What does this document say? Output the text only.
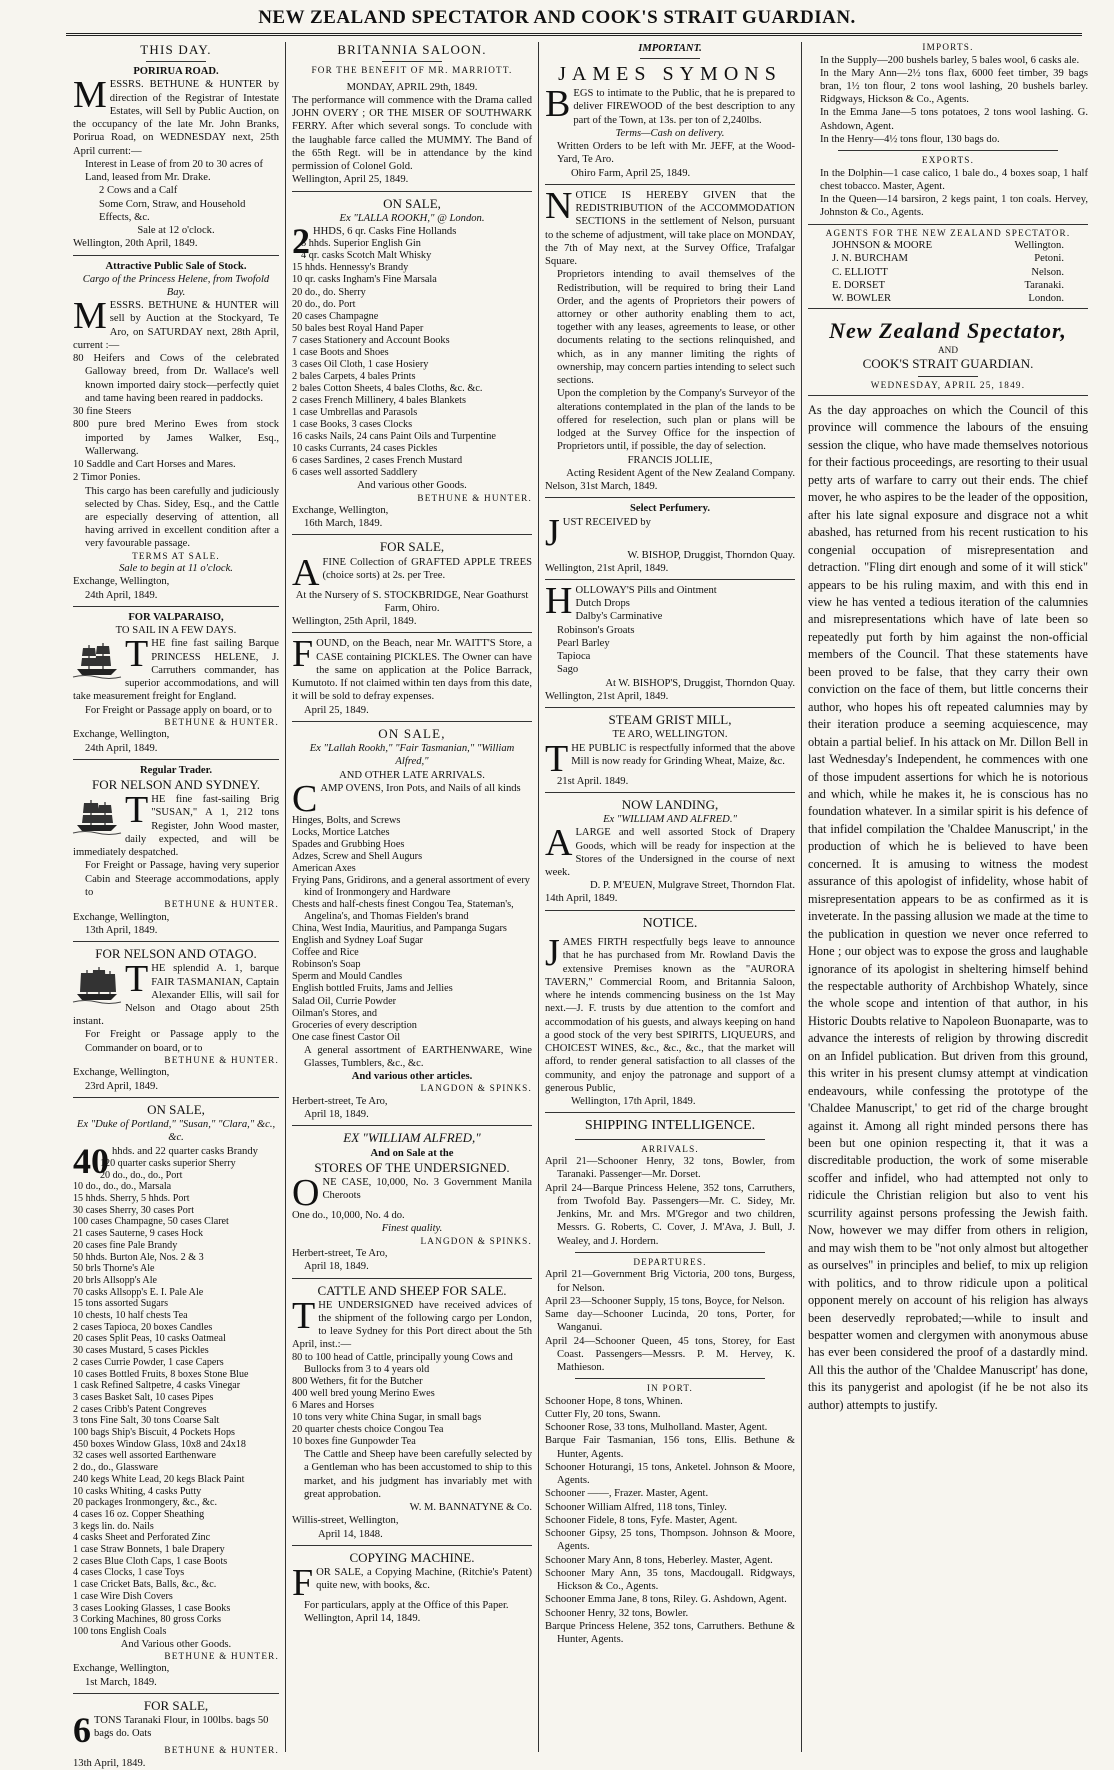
NEW ZEALAND SPECTATOR AND COOK'S STRAIT GUARDIAN.

THIS DAY.

PORIRUA ROAD.

M ESSRS. BETHUNE & HUNTER by direction of the Registrar of Intestate Estates, will Sell by Public Auction, on the occupancy of the late Mr. John Branks, Porirua Road, on WEDNESDAY next, 25th April current:—

Interest in Lease of from 20 to 30 acres of Land, leased from Mr. Drake.

2 Cows and a Calf

Some Corn, Straw, and Household Effects, &c.

Sale at 12 o'clock.

Wellington, 20th April, 1849.

Attractive Public Sale of Stock.

Cargo of the Princess Helene, from Twofold Bay.

M ESSRS. BETHUNE & HUNTER will sell by Auction at the Stockyard, Te Aro, on SATURDAY next, 28th April, current :—

80 Heifers and Cows of the celebrated Galloway breed, from Dr. Wallace's well known imported dairy stock—perfectly quiet and tame having been reared in paddocks.

30 fine Steers

800 pure bred Merino Ewes from stock imported by James Walker, Esq., Wallerwang.

10 Saddle and Cart Horses and Mares.

2 Timor Ponies.

This cargo has been carefully and judiciously selected by Chas. Sidey, Esq., and the Cattle are especially deserving of attention, all having arrived in excellent condition after a very favourable passage.

TERMS AT SALE.

Sale to begin at 11 o'clock.

Exchange, Wellington,

24th April, 1849.

FOR VALPARAISO,

TO SAIL IN A FEW DAYS.

T HE fine fast sailing Barque PRINCESS HELENE, J. Carruthers commander, has superior accommodations, and will take measurement freight for England.

For Freight or Passage apply on board, or to

BETHUNE & HUNTER.

Exchange, Wellington,

24th April, 1849.

Regular Trader.

FOR NELSON AND SYDNEY.

T HE fine fast-sailing Brig "SUSAN," A 1, 212 tons Register, John Wood master, daily expected, and will be immediately despatched.

For Freight or Passage, having very superior Cabin and Steerage accommodations, apply to

BETHUNE & HUNTER.

Exchange, Wellington,

13th April, 1849.

FOR NELSON AND OTAGO.

T HE splendid A. 1, barque FAIR TASMANIAN, Captain Alexander Ellis, will sail for Nelson and Otago about 25th instant.

For Freight or Passage apply to the Commander on board, or to

BETHUNE & HUNTER.

Exchange, Wellington,

23rd April, 1849.

ON SALE,

Ex "Duke of Portland," "Susan," "Clara," &c., &c.

40 hhds. and 22 quarter casks Brandy

120 quarter casks superior Sherry

20 do., do., do., Port

10 do., do., do., Marsala

15 hhds. Sherry, 5 hhds. Port

30 cases Sherry, 30 cases Port

100 cases Champagne, 50 cases Claret

21 cases Sauterne, 9 cases Hock

20 cases fine Pale Brandy

50 hhds. Burton Ale, Nos. 2 & 3

50 brls Thorne's Ale

20 brls Allsopp's Ale

70 casks Allsopp's E. I. Pale Ale

15 tons assorted Sugars

10 chests, 10 half chests Tea

2 cases Tapioca, 20 boxes Candles

20 cases Split Peas, 10 casks Oatmeal

30 cases Mustard, 5 cases Pickles

2 cases Currie Powder, 1 case Capers

10 cases Bottled Fruits, 8 boxes Stone Blue

1 cask Refined Saltpetre, 4 casks Vinegar

3 cases Basket Salt, 10 cases Pipes

2 cases Cribb's Patent Congreves

3 tons Fine Salt, 30 tons Coarse Salt

100 bags Ship's Biscuit, 4 Pockets Hops

450 boxes Window Glass, 10x8 and 24x18

32 cases well assorted Earthenware

2 do., do., Glassware

240 kegs White Lead, 20 kegs Black Paint

10 casks Whiting, 4 casks Putty

20 packages Ironmongery, &c., &c.

4 cases 16 oz. Copper Sheathing

3 kegs lin. do. Nails

4 casks Sheet and Perforated Zinc

1 case Straw Bonnets, 1 bale Drapery

2 cases Blue Cloth Caps, 1 case Boots

4 cases Clocks, 1 case Toys

1 case Cricket Bats, Balls, &c., &c.

1 case Wire Dish Covers

3 cases Looking Glasses, 1 case Books

3 Corking Machines, 80 gross Corks

100 tons English Coals

And Various other Goods.

BETHUNE & HUNTER.

Exchange, Wellington,

1st March, 1849.

FOR SALE,

6 TONS Taranaki Flour, in 100lbs. bags 50 bags do. Oats

BETHUNE & HUNTER.

13th April, 1849.

BRITANNIA SALOON.

FOR THE BENEFIT OF MR. MARRIOTT.

MONDAY, APRIL 29th, 1849.

The performance will commence with the Drama called JOHN OVERY ; OR THE MISER OF SOUTHWARK FERRY. After which several songs. To conclude with the laughable farce called the MUMMY. The Band of the 65th Regt. will be in attendance by the kind permission of Colonel Gold.

Wellington, April 25, 1849.

ON SALE,

Ex "LALLA ROOKH," @ London.

2 HHDS, 6 qr. Casks Fine Hollands

8 hhds. Superior English Gin

4 qr. casks Scotch Malt Whisky

15 hhds. Hennessy's Brandy

10 qr. casks Ingham's Fine Marsala

20 do., do. Sherry

20 do., do. Port

20 cases Champagne

50 bales best Royal Hand Paper

7 cases Stationery and Account Books

1 case Boots and Shoes

3 cases Oil Cloth, 1 case Hosiery

2 bales Carpets, 4 bales Prints

2 bales Cotton Sheets, 4 bales Cloths, &c. &c.

2 cases French Millinery, 4 bales Blankets

1 case Umbrellas and Parasols

1 case Books, 3 cases Clocks

16 casks Nails, 24 cans Paint Oils and Turpentine

10 casks Currants, 24 cases Pickles

6 cases Sardines, 2 cases French Mustard

6 cases well assorted Saddlery

And various other Goods.

BETHUNE & HUNTER.

Exchange, Wellington,

16th March, 1849.

FOR SALE,

A FINE Collection of GRAFTED APPLE TREES (choice sorts) at 2s. per Tree.

At the Nursery of S. STOCKBRIDGE, Near Goathurst Farm, Ohiro.

Wellington, 25th April, 1849.

F OUND, on the Beach, near Mr. WAITT'S Store, a CASE containing PICKLES. The Owner can have the same on application at the Police Barrack, Kumutoto. If not claimed within ten days from this date, it will be sold to defray expenses.

April 25, 1849.

ON SALE,

Ex "Lallah Rookh," "Fair Tasmanian," "William Alfred,"

AND OTHER LATE ARRIVALS.

C AMP OVENS, Iron Pots, and Nails of all kinds

Hinges, Bolts, and Screws

Locks, Mortice Latches

Spades and Grubbing Hoes

Adzes, Screw and Shell Augurs

American Axes

Frying Pans, Gridirons, and a general assortment of every kind of Ironmongery and Hardware

Chests and half-chests finest Congou Tea, Stateman's, Angelina's, and Thomas Fielden's brand

China, West India, Mauritius, and Pampanga Sugars

English and Sydney Loaf Sugar

Coffee and Rice

Robinson's Soap

Sperm and Mould Candles

English bottled Fruits, Jams and Jellies

Salad Oil, Currie Powder

Oilman's Stores, and

Groceries of every description

One case finest Castor Oil

A general assortment of EARTHENWARE, Wine Glasses, Tumblers, &c., &c.

And various other articles.

LANGDON & SPINKS.

Herbert-street, Te Aro,

April 18, 1849.

EX "WILLIAM ALFRED,"

And on Sale at the

STORES OF THE UNDERSIGNED.

O NE CASE, 10,000, No. 3 Government Manila Cheroots

One do., 10,000, No. 4 do.

Finest quality.

LANGDON & SPINKS.

Herbert-street, Te Aro,

April 18, 1849.

CATTLE AND SHEEP FOR SALE.

T HE UNDERSIGNED have received advices of the shipment of the following cargo per London, to leave Sydney for this Port direct about the 5th April, inst.:—

80 to 100 head of Cattle, principally young Cows and Bullocks from 3 to 4 years old

800 Wethers, fit for the Butcher

400 well bred young Merino Ewes

6 Mares and Horses

10 tons very white China Sugar, in small bags

20 quarter chests choice Congou Tea

10 boxes fine Gunpowder Tea

The Cattle and Sheep have been carefully selected by a Gentleman who has been accustomed to ship to this market, and his judgment has invariably met with great approbation.

W. M. BANNATYNE & Co.

Willis-street, Wellington,

April 14, 1848.

COPYING MACHINE.

F OR SALE, a Copying Machine, (Ritchie's Patent) quite new, with books, &c.

For particulars, apply at the Office of this Paper.

Wellington, April 14, 1849.

IMPORTANT.

JAMES SYMONS

B EGS to intimate to the Public, that he is prepared to deliver FIREWOOD of the best description to any part of the Town, at 13s. per ton of 2,240lbs.

Terms—Cash on delivery.

Written Orders to be left with Mr. JEFF, at the Wood-Yard, Te Aro.

Ohiro Farm, April 25, 1849.

N OTICE IS HEREBY GIVEN that the REDISTRIBUTION of the ACCOMMODATION SECTIONS in the settlement of Nelson, pursuant to the scheme of adjustment, will take place on MONDAY, the 7th of May next, at the Survey Office, Trafalgar Square.

Proprietors intending to avail themselves of the Redistribution, will be required to bring their Land Order, and the agents of Proprietors their powers of attorney or other authority enabling them to act, together with any leases, agreements to lease, or other documents relating to the sections relinquished, and which, as in any manner limiting the rights of ownership, may concern parties intending to select such sections.

Upon the completion by the Company's Surveyor of the alterations contemplated in the plan of the lands to be offered for reselection, such plan or plans will be lodged at the Survey Office for the inspection of Proprietors until, if possible, the day of selection.

FRANCIS JOLLIE,

Acting Resident Agent of the New Zealand Company.

Nelson, 31st March, 1849.

Select Perfumery.

J UST RECEIVED by

W. BISHOP, Druggist, Thorndon Quay.

Wellington, 21st April, 1849.

H OLLOWAY'S Pills and Ointment

Dutch Drops

Dalby's Carminative

Robinson's Groats

Pearl Barley

Tapioca

Sago

At W. BISHOP'S, Druggist, Thorndon Quay.

Wellington, 21st April, 1849.

STEAM GRIST MILL,

TE ARO, WELLINGTON.

T HE PUBLIC is respectfully informed that the above Mill is now ready for Grinding Wheat, Maize, &c.

21st April. 1849.

NOW LANDING,

Ex "WILLIAM AND ALFRED."

A LARGE and well assorted Stock of Drapery Goods, which will be ready for inspection at the Stores of the Undersigned in the course of next week.

D. P. M'EUEN, Mulgrave Street, Thorndon Flat.

14th April, 1849.

NOTICE.

J AMES FIRTH respectfully begs leave to announce that he has purchased from Mr. Rowland Davis the extensive Premises known as the "AURORA TAVERN," Commercial Room, and Britannia Saloon, where he intends commencing business on the 1st May next.—J. F. trusts by due attention to the comfort and accommodation of his guests, and always keeping on hand a good stock of the very best SPIRITS, LIQUEURS, and CHOICEST WINES, &c., &c., &c., that the market will afford, to render general satisfaction to all classes of the community, and enjoy the patronage and support of a generous Public,

Wellington, 17th April, 1849.

SHIPPING INTELLIGENCE.

ARRIVALS.

April 21—Schooner Henry, 32 tons, Bowler, from Taranaki. Passenger—Mr. Dorset.

April 24—Barque Princess Helene, 352 tons, Carruthers, from Twofold Bay. Passengers—Mr. C. Sidey, Mr. Jenkins, Mr. and Mrs. M'Gregor and two children, Messrs. G. Roberts, C. Cover, J. M'Ava, J. Bull, J. Wealey, and J. Hordern.

DEPARTURES.

April 21—Government Brig Victoria, 200 tons, Burgess, for Nelson.

April 23—Schooner Supply, 15 tons, Boyce, for Nelson.

Same day—Schooner Lucinda, 20 tons, Porter, for Wanganui.

April 24—Schooner Queen, 45 tons, Storey, for East Coast. Passengers—Messrs. P. M. Hervey, K. Mathieson.

IN PORT.

Schooner Hope, 8 tons, Whinen.

Cutter Fly, 20 tons, Swann.

Schooner Rose, 33 tons, Mulholland. Master, Agent.

Barque Fair Tasmanian, 156 tons, Ellis. Bethune & Hunter, Agents.

Schooner Hoturangi, 15 tons, Anketel. Johnson & Moore, Agents.

Schooner ——, Frazer. Master, Agent.

Schooner William Alfred, 118 tons, Tinley.

Schooner Fidele, 8 tons, Fyfe. Master, Agent.

Schooner Gipsy, 25 tons, Thompson. Johnson & Moore, Agents.

Schooner Mary Ann, 8 tons, Heberley. Master, Agent.

Schooner Mary Ann, 35 tons, Macdougall. Ridgways, Hickson & Co., Agents.

Schooner Emma Jane, 8 tons, Riley. G. Ashdown, Agent.

Schooner Henry, 32 tons, Bowler.

Barque Princess Helene, 352 tons, Carruthers. Bethune & Hunter, Agents.

IMPORTS.

In the Supply—200 bushels barley, 5 bales wool, 6 casks ale.

In the Mary Ann—2½ tons flax, 6000 feet timber, 39 bags bran, 1½ ton flour, 2 tons wool lashing, 20 bushels barley. Ridgways, Hickson & Co., Agents.

In the Emma Jane—5 tons potatoes, 2 tons wool lashing. G. Ashdown, Agent.

In the Henry—4½ tons flour, 130 bags do.

EXPORTS.

In the Dolphin—1 case calico, 1 bale do., 4 boxes soap, 1 half chest tobacco. Master, Agent.

In the Queen—14 barsiron, 2 kegs paint, 1 ton coals. Hervey, Johnston & Co., Agents.

AGENTS FOR THE NEW ZEALAND SPECTATOR.

JOHNSON & MOORE	Wellington.
J. N. BURCHAM	Petoni.
C. ELLIOTT	Nelson.
E. DORSET	Taranaki.
W. BOWLER	London.

New Zealand Spectator,

AND

COOK'S STRAIT GUARDIAN.

WEDNESDAY, APRIL 25, 1849.

As the day approaches on which the Council of this province will commence the labours of the ensuing session the clique, who have made themselves notorious for their factious proceedings, are resorting to their usual petty arts of warfare to carry out their ends. The chief mover, he who aspires to be the leader of the opposition, after his late signal exposure and disgrace not a whit abashed, has returned from his recent rustication to his congenial occupation of misrepresentation and detraction. "Fling dirt enough and some of it will stick" appears to be his ruling maxim, and with this end in view he has vented a tedious iteration of the calumnies and misrepresentations which have of late been so repeatedly put forth by him against the non-official members of the Council. That these statements have been proved to be false, that they carry their own conviction on the face of them, but little concerns their author, who hopes his oft repeated calumnies may by their iteration produce a seeming acquiescence, may obtain a partial belief. In his attack on Mr. Dillon Bell in last Wednesday's Independent, he commences with one of those impudent assertions for which he is notorious and which, while he makes it, he is conscious has no foundation whatever. In a similar spirit is his defence of that infidel compilation the 'Chaldee Manuscript,' in the production of which he is believed to have been concerned. It is amusing to witness the modest assurance of this apologist of infidelity, whose habit of misrepresentation appears to be as confirmed as it is inveterate. In the passing allusion we made at the time to the publication in question we never once referred to Hone ; our object was to expose the gross and laughable ignorance of its apologist in sheltering himself behind the respectable authority of Archbishop Whately, since the whole scope and intention of that author, in his Historic Doubts relative to Napoleon Buonaparte, was to advance the interests of religion by throwing discredit on an Infidel publication. But driven from this ground, this writer in his present clumsy attempt at vindication endeavours, while confessing the prototype of the 'Chaldee Manuscript,' to get rid of the charge brought against it. Among all right minded persons there has been but one opinion respecting it, that it was a discreditable production, the work of some miserable scoffer and infidel, who had attempted not only to ridicule the Christian religion but also to vent his scurrility against persons professing the Jewish faith. Now, however we may differ from others in religion, and may wish them to be "not only almost but altogether as ourselves" in principles and belief, to mix up religion with politics, and to throw ridicule upon a political opponent merely on account of his religion has always been deservedly reprobated;—while to insult and bespatter women and clergymen with anonymous abuse has ever been considered the proof of a dastardly mind. All this the author of the 'Chaldee Manuscript' has done, this its panygerist and apologist (if he be not also its author) attempts to justify.
